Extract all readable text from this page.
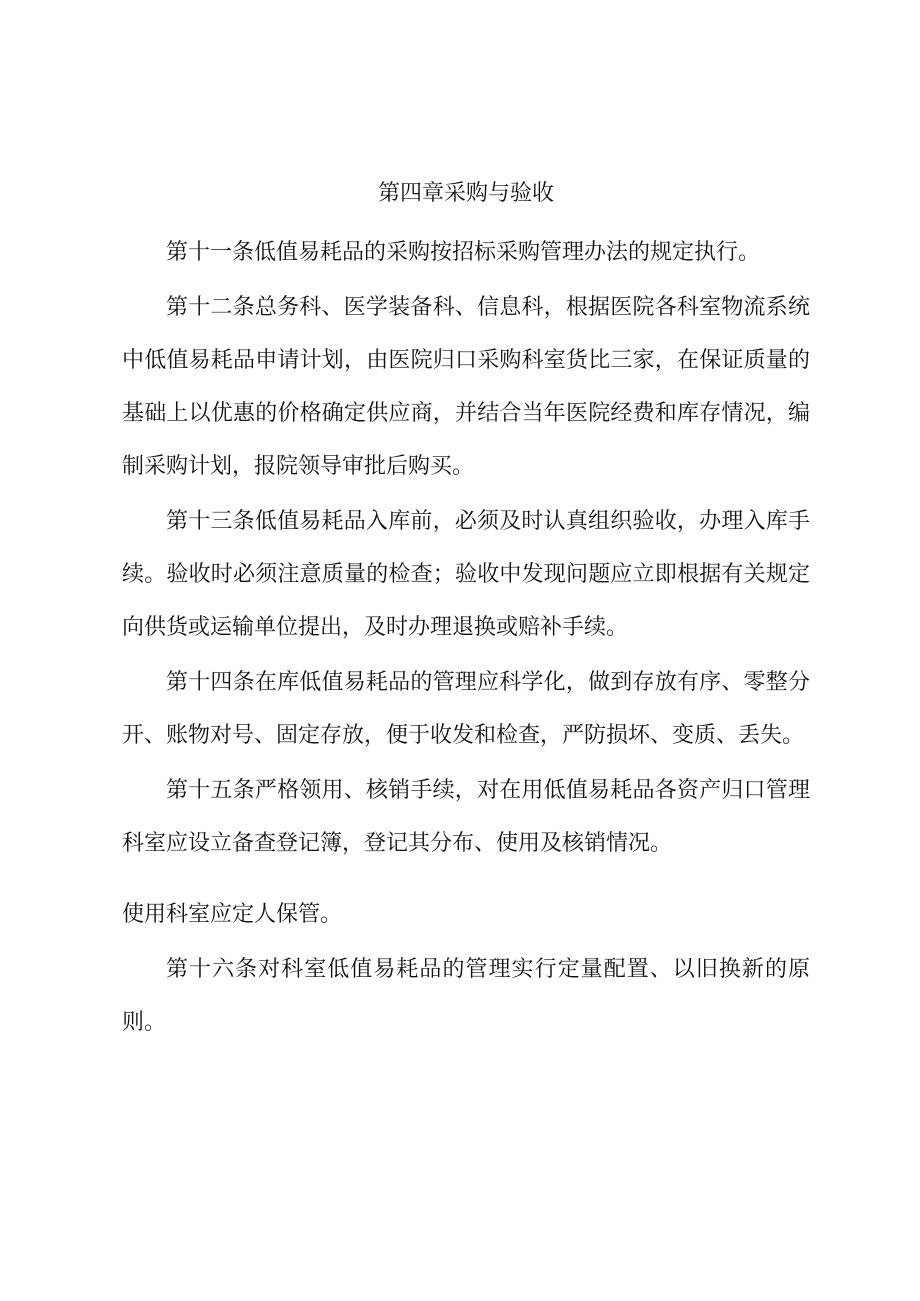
第四章采购与验收

第十一条低值易耗品的采购按招标采购管理办法的规定执行。

第十二条总务科、医学装备科、信息科，根据医院各科室物流系统中低值易耗品申请计划，由医院归口采购科室货比三家，在保证质量的基础上以优惠的价格确定供应商，并结合当年医院经费和库存情况，编制采购计划，报院领导审批后购买。

第十三条低值易耗品入库前，必须及时认真组织验收，办理入库手续。验收时必须注意质量的检查；验收中发现问题应立即根据有关规定向供货或运输单位提出，及时办理退换或赔补手续。

第十四条在库低值易耗品的管理应科学化，做到存放有序、零整分开、账物对号、固定存放，便于收发和检查，严防损坏、变质、丢失。

第十五条严格领用、核销手续，对在用低值易耗品各资产归口管理科室应设立备查登记簿，登记其分布、使用及核销情况。

使用科室应定人保管。

第十六条对科室低值易耗品的管理实行定量配置、以旧换新的原则。
